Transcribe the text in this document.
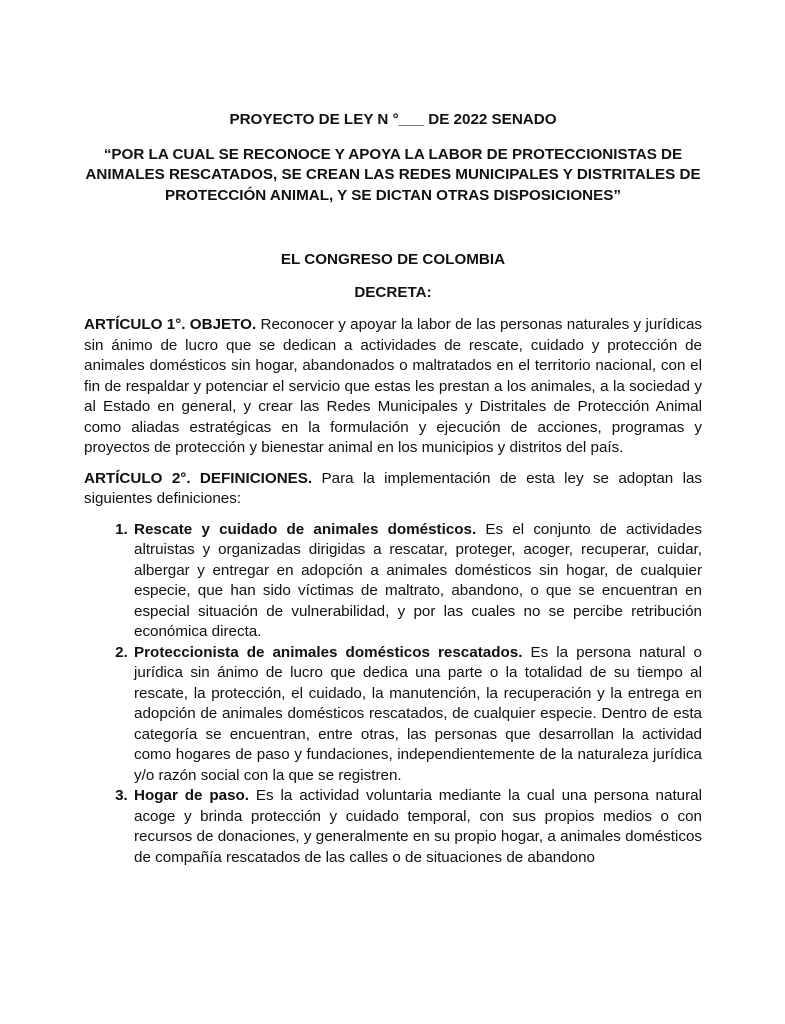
PROYECTO DE LEY N °___ DE 2022 SENADO
“POR LA CUAL SE RECONOCE Y APOYA LA LABOR DE PROTECCIONISTAS DE ANIMALES RESCATADOS, SE CREAN LAS REDES MUNICIPALES Y DISTRITALES DE PROTECCIÓN ANIMAL, Y SE DICTAN OTRAS DISPOSICIONES”
EL CONGRESO DE COLOMBIA
DECRETA:

ARTÍCULO 1°. OBJETO. Reconocer y apoyar la labor de las personas naturales y jurídicas sin ánimo de lucro que se dedican a actividades de rescate, cuidado y protección de animales domésticos sin hogar, abandonados o maltratados en el territorio nacional, con el fin de respaldar y potenciar el servicio que estas les prestan a los animales, a la sociedad y al Estado en general, y crear las Redes Municipales y Distritales de Protección Animal como aliadas estratégicas en la formulación y ejecución de acciones, programas y proyectos de protección y bienestar animal en los municipios y distritos del país.

ARTÍCULO 2°. DEFINICIONES. Para la implementación de esta ley se adoptan las siguientes definiciones:

1. Rescate y cuidado de animales domésticos. Es el conjunto de actividades altruistas y organizadas dirigidas a rescatar, proteger, acoger, recuperar, cuidar, albergar y entregar en adopción a animales domésticos sin hogar, de cualquier especie, que han sido víctimas de maltrato, abandono, o que se encuentran en especial situación de vulnerabilidad, y por las cuales no se percibe retribución económica directa.
2. Proteccionista de animales domésticos rescatados. Es la persona natural o jurídica sin ánimo de lucro que dedica una parte o la totalidad de su tiempo al rescate, la protección, el cuidado, la manutención, la recuperación y la entrega en adopción de animales domésticos rescatados, de cualquier especie. Dentro de esta categoría se encuentran, entre otras, las personas que desarrollan la actividad como hogares de paso y fundaciones, independientemente de la naturaleza jurídica y/o razón social con la que se registren.
3. Hogar de paso. Es la actividad voluntaria mediante la cual una persona natural acoge y brinda protección y cuidado temporal, con sus propios medios o con recursos de donaciones, y generalmente en su propio hogar, a animales domésticos de compañía rescatados de las calles o de situaciones de abandono
